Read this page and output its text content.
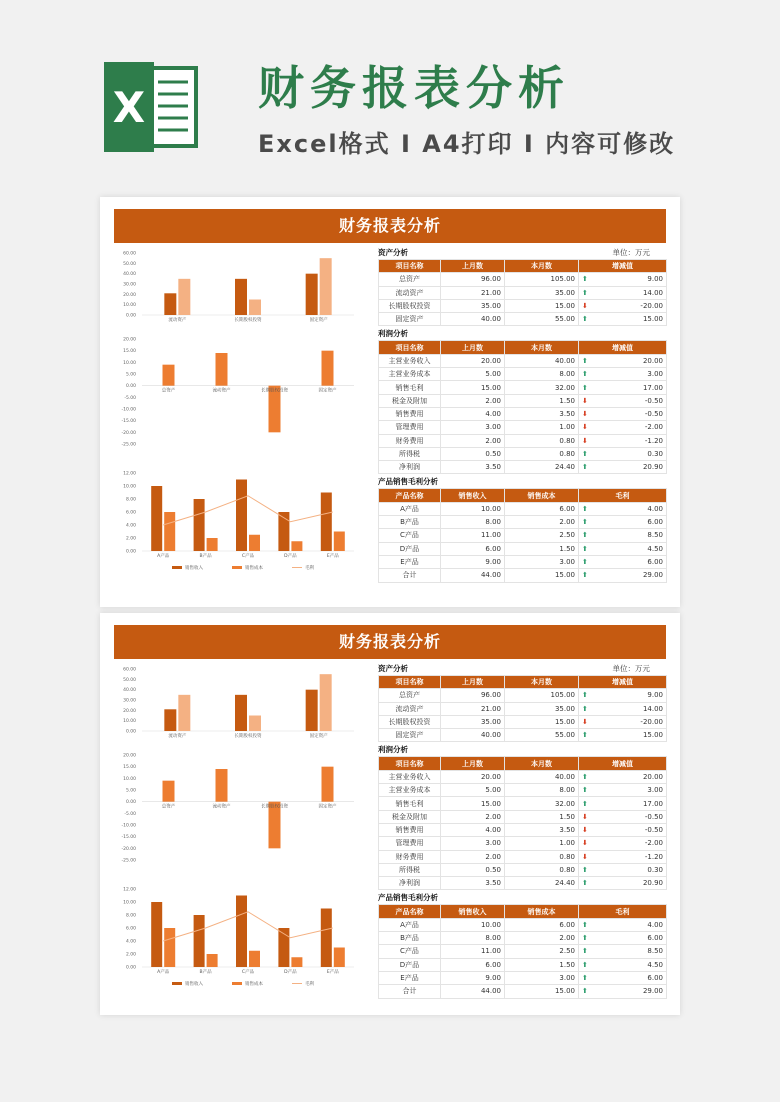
X 财务报表分析
Excel格式 I A4打印 I 内容可修改
财务报表分析
0.00
10.00
20.00
30.00
40.00
50.00
60.00
流动资产	长期股权投资	固定资产
-25.00
-20.00
-15.00
-10.00
-5.00
0.00
5.00
10.00
15.00
20.00
总资产	流动资产	长期股权投资	固定资产
0.00
2.00
4.00
6.00
8.00
10.00
12.00
A产品	B产品	C产品	D产品	E产品
销售收入	销售成本	毛利
资产分析	单位：万元
项目名称	上月数	本月数	增减值
总资产	96.00	105.00	⬆ 9.00

流动资产	21.00	35.00	⬆ 14.00

长期股权投资	35.00	15.00	⬇ -20.00

固定资产	40.00	55.00	⬆ 15.00
利润分析
项目名称	上月数	本月数	增减值
主营业务收入	20.00	40.00	⬆ 20.00

主营业务成本	5.00	8.00	⬆ 3.00

销售毛利	15.00	32.00	⬆ 17.00

税金及附加	2.00	1.50	⬇ -0.50

销售费用	4.00	3.50	⬇ -0.50

管理费用	3.00	1.00	⬇ -2.00

财务费用	2.00	0.80	⬇ -1.20

所得税	0.50	0.80	⬆ 0.30

净利润	3.50	24.40	⬆ 20.90
产品销售毛利分析
产品名称	销售收入	销售成本	毛利
A产品	10.00	6.00	⬆ 4.00

B产品	8.00	2.00	⬆ 6.00

C产品	11.00	2.50	⬆ 8.50

D产品	6.00	1.50	⬆ 4.50

E产品	9.00	3.00	⬆ 6.00

合计	44.00	15.00	⬆ 29.00
财务报表分析
0.00
10.00
20.00
30.00
40.00
50.00
60.00
流动资产	长期股权投资	固定资产
-25.00
-20.00
-15.00
-10.00
-5.00
0.00
5.00
10.00
15.00
20.00
总资产	流动资产	长期股权投资	固定资产
0.00
2.00
4.00
6.00
8.00
10.00
12.00
A产品	B产品	C产品	D产品	E产品
销售收入	销售成本	毛利
资产分析	单位：万元
项目名称	上月数	本月数	增减值
总资产	96.00	105.00	⬆ 9.00

流动资产	21.00	35.00	⬆ 14.00

长期股权投资	35.00	15.00	⬇ -20.00

固定资产	40.00	55.00	⬆ 15.00
利润分析
项目名称	上月数	本月数	增减值
主营业务收入	20.00	40.00	⬆ 20.00

主营业务成本	5.00	8.00	⬆ 3.00

销售毛利	15.00	32.00	⬆ 17.00

税金及附加	2.00	1.50	⬇ -0.50

销售费用	4.00	3.50	⬇ -0.50

管理费用	3.00	1.00	⬇ -2.00

财务费用	2.00	0.80	⬇ -1.20

所得税	0.50	0.80	⬆ 0.30

净利润	3.50	24.40	⬆ 20.90
产品销售毛利分析
产品名称	销售收入	销售成本	毛利
A产品	10.00	6.00	⬆ 4.00

B产品	8.00	2.00	⬆ 6.00

C产品	11.00	2.50	⬆ 8.50

D产品	6.00	1.50	⬆ 4.50

E产品	9.00	3.00	⬆ 6.00

合计	44.00	15.00	⬆ 29.00
